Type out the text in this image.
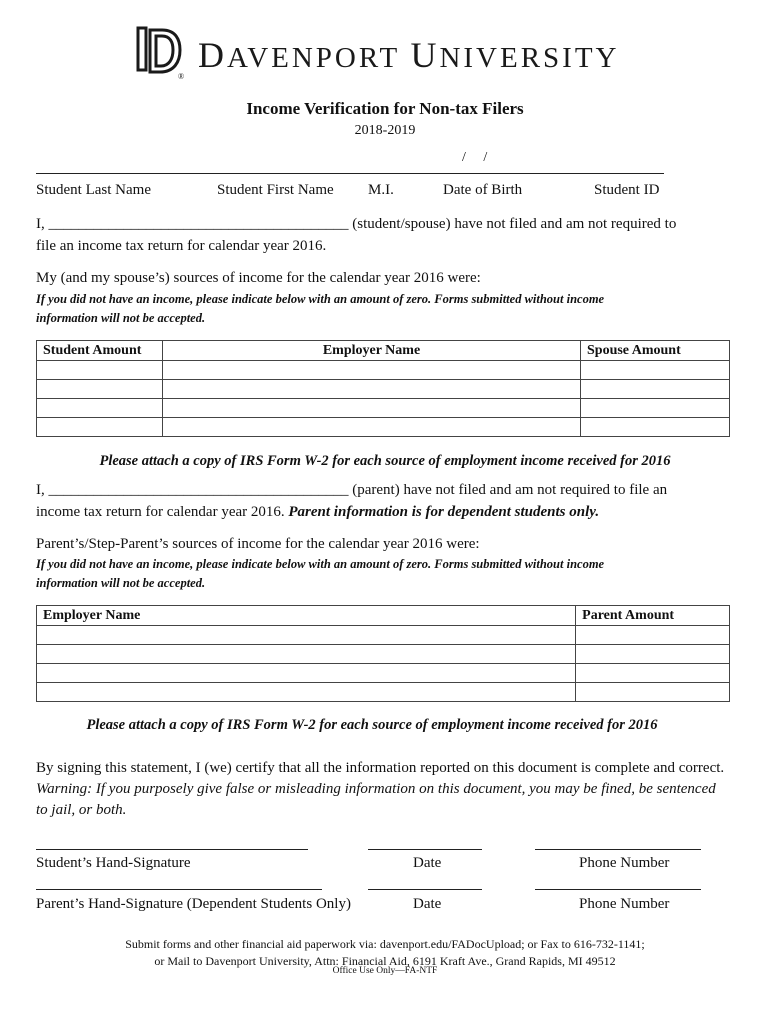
®
DAVENPORT UNIVERSITY
Income Verification for Non-tax Filers
2018-2019
/ /
Student Last Name	Student First Name M.I.	Date of Birth	Student ID
I, ________________________________________ (student/spouse) have not filed and am not required to
file an income tax return for calendar year 2016.
My (and my spouse’s) sources of income for the calendar year 2016 were:
If you did not have an income, please indicate below with an amount of zero. Forms submitted without income
information will not be accepted.
Student Amount	Employer Name	Spouse Amount

Please attach a copy of IRS Form W-2 for each source of employment income received for 2016
I, ________________________________________ (parent) have not filed and am not required to file an
income tax return for calendar year 2016. Parent information is for dependent students only.
Parent’s/Step-Parent’s sources of income for the calendar year 2016 were:
If you did not have an income, please indicate below with an amount of zero. Forms submitted without income
information will not be accepted.
Employer Name	Parent Amount

Please attach a copy of IRS Form W-2 for each source of employment income received for 2016
By signing this statement, I (we) certify that all the information reported on this document is complete and correct.
Warning: If you purposely give false or misleading information on this document, you may be fined, be sentenced
to jail, or both.
Student’s Hand-Signature	Date	Phone Number
Parent’s Hand-Signature (Dependent Students Only)	Date	Phone Number
Submit forms and other financial aid paperwork via: davenport.edu/FADocUpload; or Fax to 616-732-1141;
or Mail to Davenport University, Attn: Financial Aid, 6191 Kraft Ave., Grand Rapids, MI 49512
Office Use Only—FA-NTF
